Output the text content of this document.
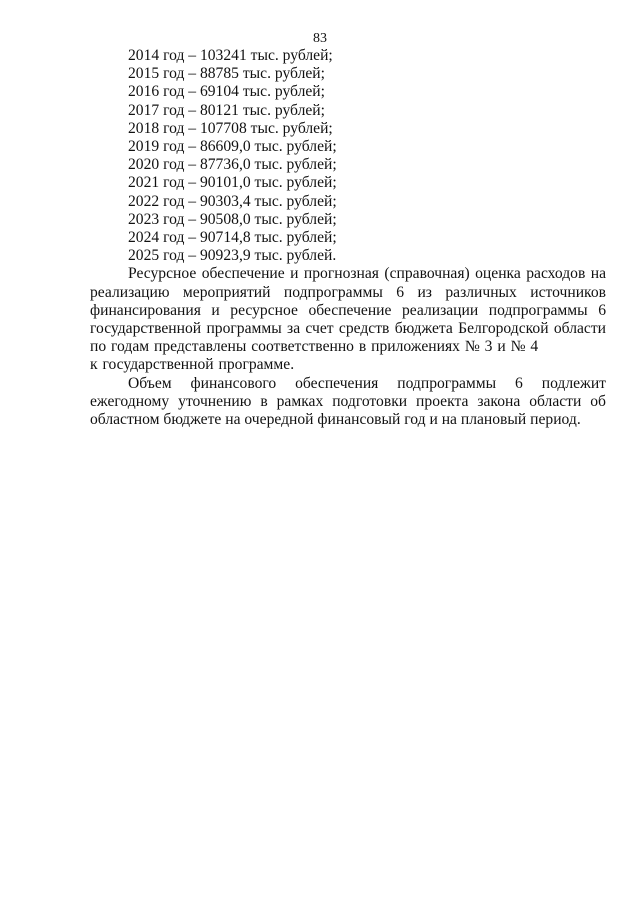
83
2014 год – 103241 тыс. рублей;
2015 год – 88785 тыс. рублей;
2016 год – 69104 тыс. рублей;
2017 год – 80121 тыс. рублей;
2018 год – 107708 тыс. рублей;
2019 год – 86609,0 тыс. рублей;
2020 год – 87736,0 тыс. рублей;
2021 год – 90101,0 тыс. рублей;
2022 год – 90303,4 тыс. рублей;
2023 год – 90508,0 тыс. рублей;
2024 год – 90714,8 тыс. рублей;
2025 год – 90923,9 тыс. рублей.

Ресурсное обеспечение и прогнозная (справочная) оценка расходов на реализацию мероприятий подпрограммы 6 из различных источников финансирования и ресурсное обеспечение реализации подпрограммы 6 государственной программы за счет средств бюджета Белгородской области по годам представлены соответственно в приложениях № 3 и № 4
к государственной программе.

Объем финансового обеспечения подпрограммы 6 подлежит ежегодному уточнению в рамках подготовки проекта закона области об областном бюджете на очередной финансовый год и на плановый период.
